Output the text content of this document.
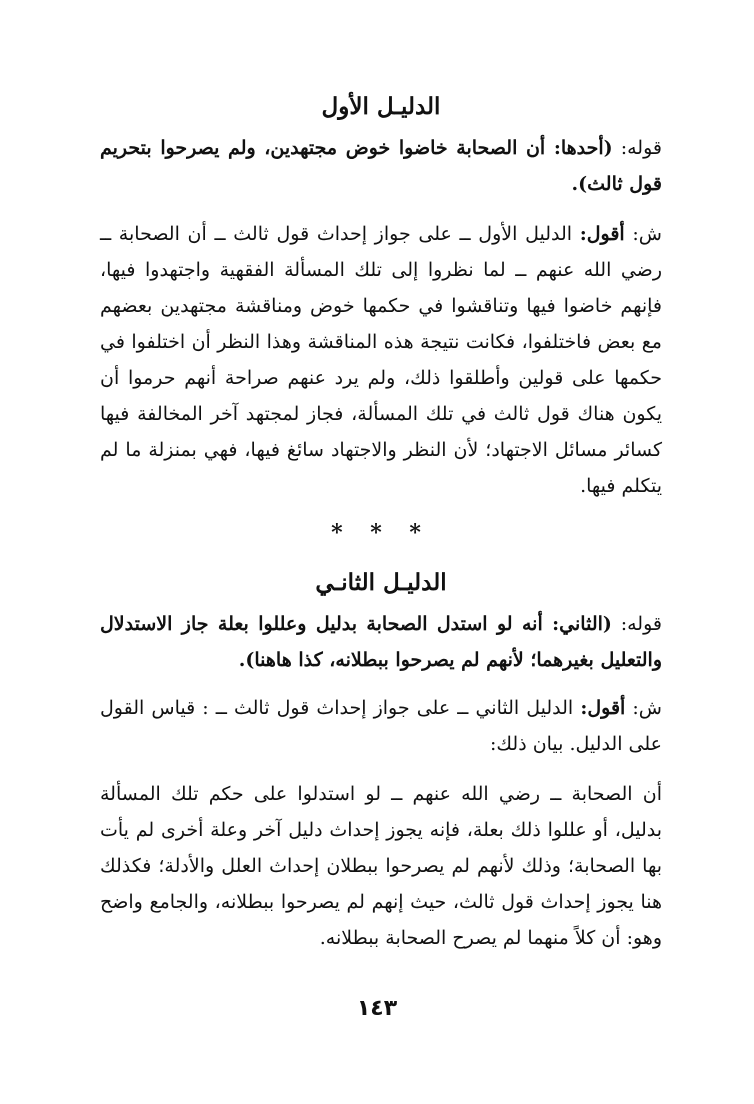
الدليـل الأول

قوله: (أحدها: أن الصحابة خاضوا خوض مجتهدين، ولم يصرحوا بتحريم قول ثالث).

ش: أقول: الدليل الأول ــ على جواز إحداث قول ثالث ــ أن الصحابة ــ رضي الله عنهم ــ لما نظروا إلى تلك المسألة الفقهية واجتهدوا فيها، فإنهم خاضوا فيها وتناقشوا في حكمها خوض ومناقشة مجتهدين بعضهم مع بعض فاختلفوا، فكانت نتيجة هذه المناقشة وهذا النظر أن اختلفوا في حكمها على قولين وأطلقوا ذلك، ولم يرد عنهم صراحة أنهم حرموا أن يكون هناك قول ثالث في تلك المسألة، فجاز لمجتهد آخر المخالفة فيها كسائر مسائل الاجتهاد؛ لأن النظر والاجتهاد سائغ فيها، فهي بمنزلة ما لم يتكلم فيها.

* * *

الدليـل الثانـي

قوله: (الثاني: أنه لو استدل الصحابة بدليل وعللوا بعلة جاز الاستدلال والتعليل بغيرهما؛ لأنهم لم يصرحوا ببطلانه، كذا هاهنا).

ش: أقول: الدليل الثاني ــ على جواز إحداث قول ثالث ــ : قياس القول على الدليل. بيان ذلك:

أن الصحابة ــ رضي الله عنهم ــ لو استدلوا على حكم تلك المسألة بدليل، أو عللوا ذلك بعلة، فإنه يجوز إحداث دليل آخر وعلة أخرى لم يأت بها الصحابة؛ وذلك لأنهم لم يصرحوا ببطلان إحداث العلل والأدلة؛ فكذلك هنا يجوز إحداث قول ثالث، حيث إنهم لم يصرحوا ببطلانه، والجامع واضح وهو: أن كلاً منهما لم يصرح الصحابة ببطلانه.

١٤٣
